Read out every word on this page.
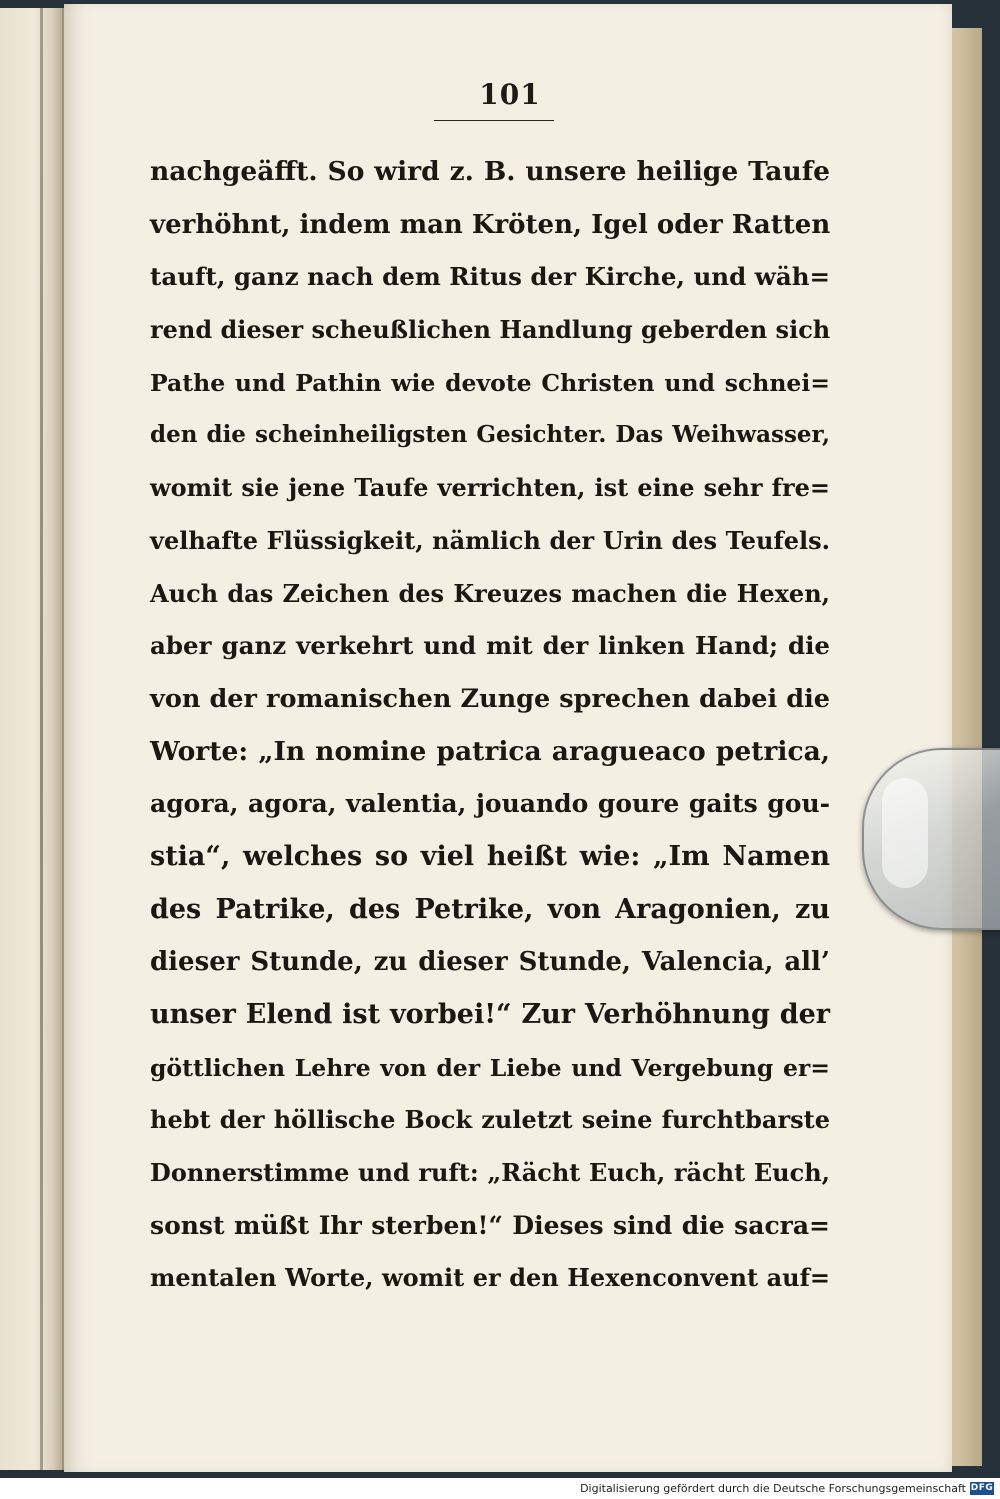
101
nachgeäfft. So wird z. B. unsere heilige Taufe
verhöhnt, indem man Kröten, Igel oder Ratten
tauft, ganz nach dem Ritus der Kirche, und wäh=
rend dieser scheußlichen Handlung geberden sich
Pathe und Pathin wie devote Christen und schnei=
den die scheinheiligsten Gesichter. Das Weihwasser,
womit sie jene Taufe verrichten, ist eine sehr fre=
velhafte Flüssigkeit, nämlich der Urin des Teufels.
Auch das Zeichen des Kreuzes machen die Hexen,
aber ganz verkehrt und mit der linken Hand; die
von der romanischen Zunge sprechen dabei die
Worte: „In nomine patrica aragueaco petrica,
agora, agora, valentia, jouando goure gaits gou-
stia“, welches so viel heißt wie: „Im Namen
des Patrike, des Petrike, von Aragonien, zu
dieser Stunde, zu dieser Stunde, Valencia, all’
unser Elend ist vorbei!“ Zur Verhöhnung der
göttlichen Lehre von der Liebe und Vergebung er=
hebt der höllische Bock zuletzt seine furchtbarste
Donnerstimme und ruft: „Rächt Euch, rächt Euch,
sonst müßt Ihr sterben!“ Dieses sind die sacra=
mentalen Worte, womit er den Hexenconvent auf=
Digitalisierung gefördert durch die Deutsche Forschungsgemeinschaft DFG
